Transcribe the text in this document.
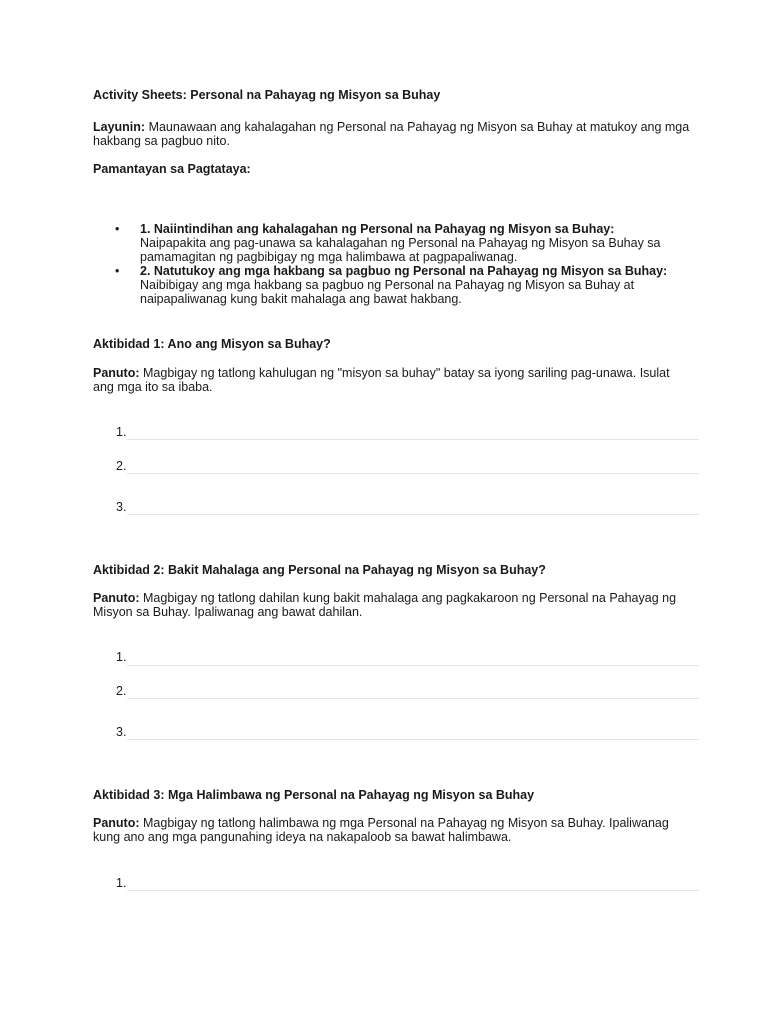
Activity Sheets: Personal na Pahayag ng Misyon sa Buhay

Layunin: Maunawaan ang kahalagahan ng Personal na Pahayag ng Misyon sa Buhay at matukoy ang mga hakbang sa pagbuo nito.

Pamantayan sa Pagtataya:

• 1. Naiintindihan ang kahalagahan ng Personal na Pahayag ng Misyon sa Buhay: Naipapakita ang pag-unawa sa kahalagahan ng Personal na Pahayag ng Misyon sa Buhay sa pamamagitan ng pagbibigay ng mga halimbawa at pagpapaliwanag.

• 2. Natutukoy ang mga hakbang sa pagbuo ng Personal na Pahayag ng Misyon sa Buhay: Naibibigay ang mga hakbang sa pagbuo ng Personal na Pahayag ng Misyon sa Buhay at naipapaliwanag kung bakit mahalaga ang bawat hakbang.

Aktibidad 1: Ano ang Misyon sa Buhay?

Panuto: Magbigay ng tatlong kahulugan ng "misyon sa buhay" batay sa iyong sariling pag-unawa. Isulat ang mga ito sa ibaba.

1.
2.
3.

Aktibidad 2: Bakit Mahalaga ang Personal na Pahayag ng Misyon sa Buhay?

Panuto: Magbigay ng tatlong dahilan kung bakit mahalaga ang pagkakaroon ng Personal na Pahayag ng Misyon sa Buhay. Ipaliwanag ang bawat dahilan.

1.
2.
3.

Aktibidad 3: Mga Halimbawa ng Personal na Pahayag ng Misyon sa Buhay

Panuto: Magbigay ng tatlong halimbawa ng mga Personal na Pahayag ng Misyon sa Buhay. Ipaliwanag kung ano ang mga pangunahing ideya na nakapaloob sa bawat halimbawa.

1.
